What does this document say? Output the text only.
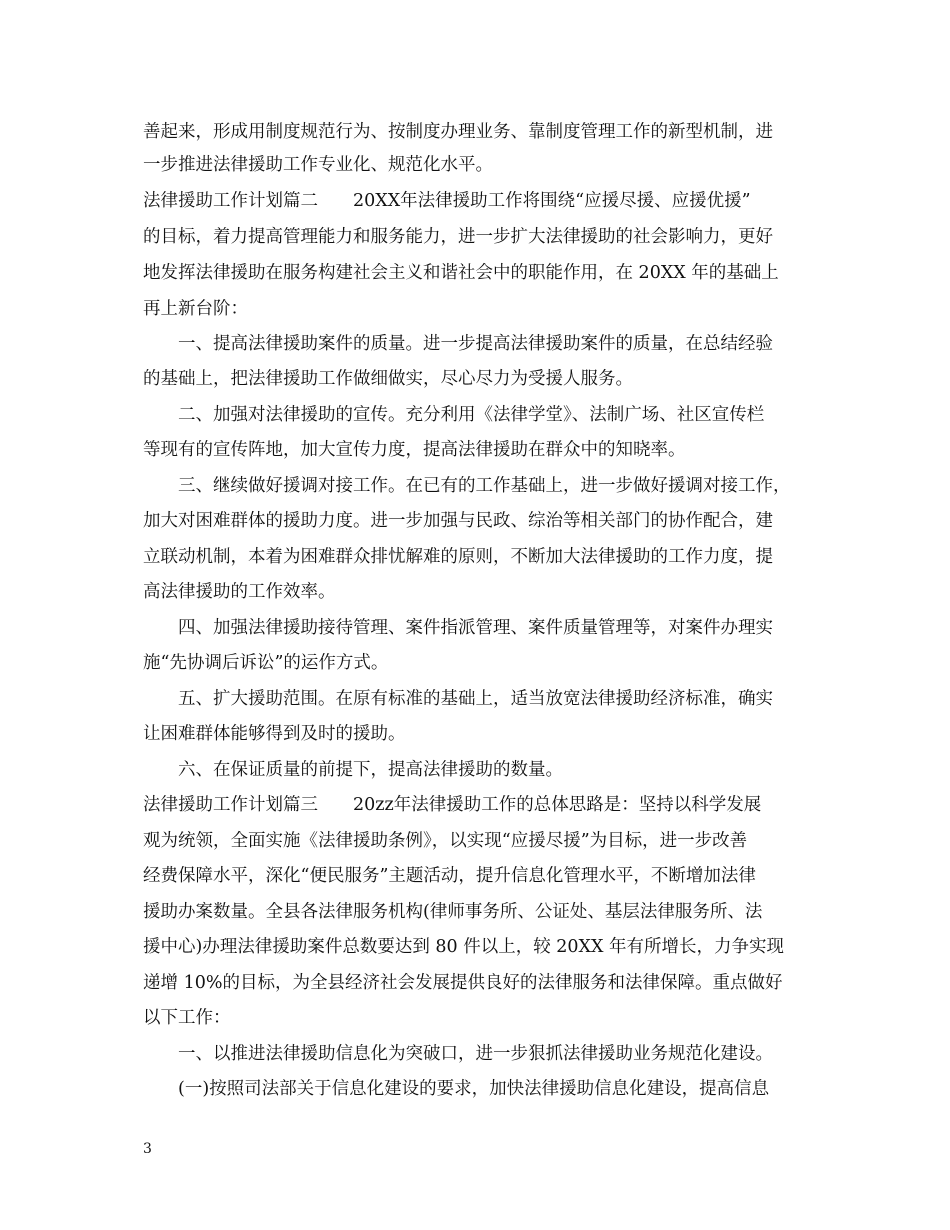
善起来，形成用制度规范行为、按制度办理业务、靠制度管理工作的新型机制，进
一步推进法律援助工作专业化、规范化水平。
法律援助工作计划篇二　　20XX年法律援助工作将围绕“应援尽援、应援优援”
的目标，着力提高管理能力和服务能力，进一步扩大法律援助的社会影响力，更好
地发挥法律援助在服务构建社会主义和谐社会中的职能作用，在 20XX 年的基础上
再上新台阶：
一、提高法律援助案件的质量。进一步提高法律援助案件的质量，在总结经验
的基础上，把法律援助工作做细做实，尽心尽力为受援人服务。
二、加强对法律援助的宣传。充分利用《法律学堂》、法制广场、社区宣传栏
等现有的宣传阵地，加大宣传力度，提高法律援助在群众中的知晓率。
三、继续做好援调对接工作。在已有的工作基础上，进一步做好援调对接工作，
加大对困难群体的援助力度。进一步加强与民政、综治等相关部门的协作配合，建
立联动机制，本着为困难群众排忧解难的原则，不断加大法律援助的工作力度，提
高法律援助的工作效率。
四、加强法律援助接待管理、案件指派管理、案件质量管理等，对案件办理实
施“先协调后诉讼”的运作方式。
五、扩大援助范围。在原有标准的基础上，适当放宽法律援助经济标准，确实
让困难群体能够得到及时的援助。
六、在保证质量的前提下，提高法律援助的数量。
法律援助工作计划篇三　　20zz年法律援助工作的总体思路是：坚持以科学发展
观为统领，全面实施《法律援助条例》，以实现“应援尽援”为目标，进一步改善
经费保障水平，深化“便民服务”主题活动，提升信息化管理水平，不断增加法律
援助办案数量。全县各法律服务机构(律师事务所、公证处、基层法律服务所、法
援中心)办理法律援助案件总数要达到 80 件以上，较 20XX 年有所增长，力争实现
递增 10%的目标，为全县经济社会发展提供良好的法律服务和法律保障。重点做好
以下工作：
一、以推进法律援助信息化为突破口，进一步狠抓法律援助业务规范化建设。
(一)按照司法部关于信息化建设的要求，加快法律援助信息化建设，提高信息
3
